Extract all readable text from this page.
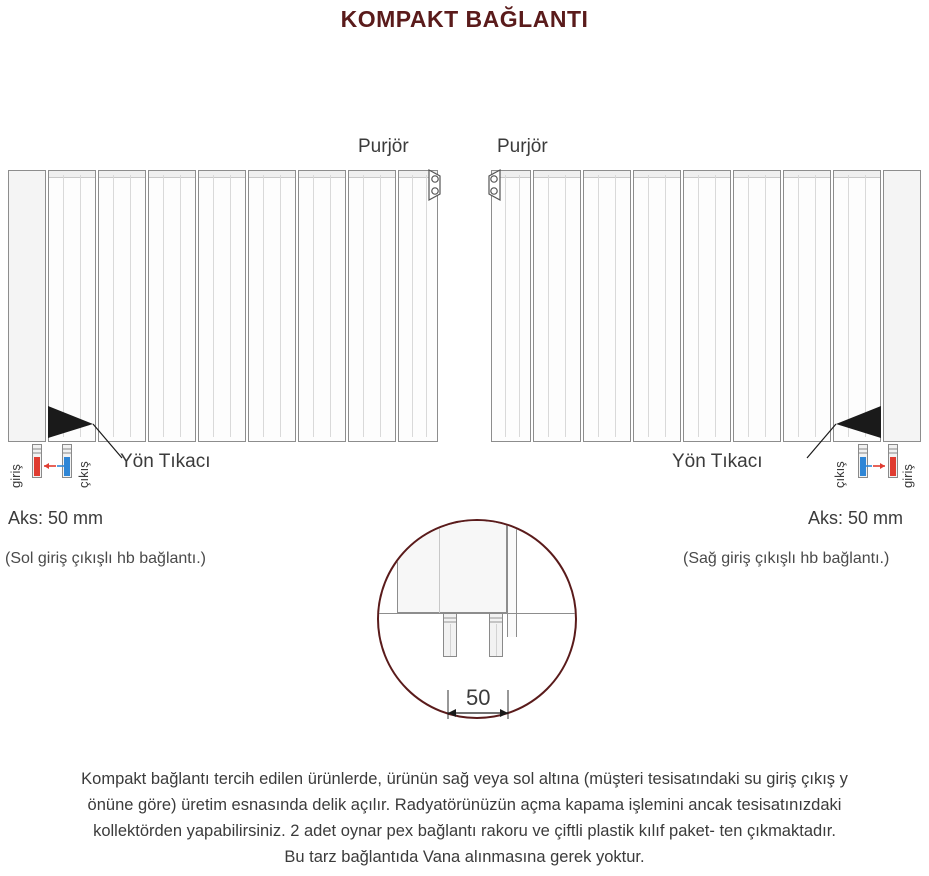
KOMPAKT BAĞLANTI
Purjör	Purjör
Yön Tıkacı	Yön Tıkacı
giriş	çıkış	çıkış	giriş
Aks: 50 mm	Aks: 50 mm
(Sol giriş çıkışlı hb bağlantı.)	(Sağ giriş çıkışlı hb bağlantı.)
50
Kompakt bağlantı tercih edilen ürünlerde, ürünün sağ veya sol altına (müşteri tesisatındaki su giriş çıkış y
önüne göre) üretim esnasında delik açılır. Radyatörünüzün açma kapama işlemini ancak tesisatınızdaki
kollektörden yapabilirsiniz. 2 adet oynar pex bağlantı rakoru ve çiftli plastik kılıf paket- ten çıkmaktadır.
Bu tarz bağlantıda Vana alınmasına gerek yoktur.
